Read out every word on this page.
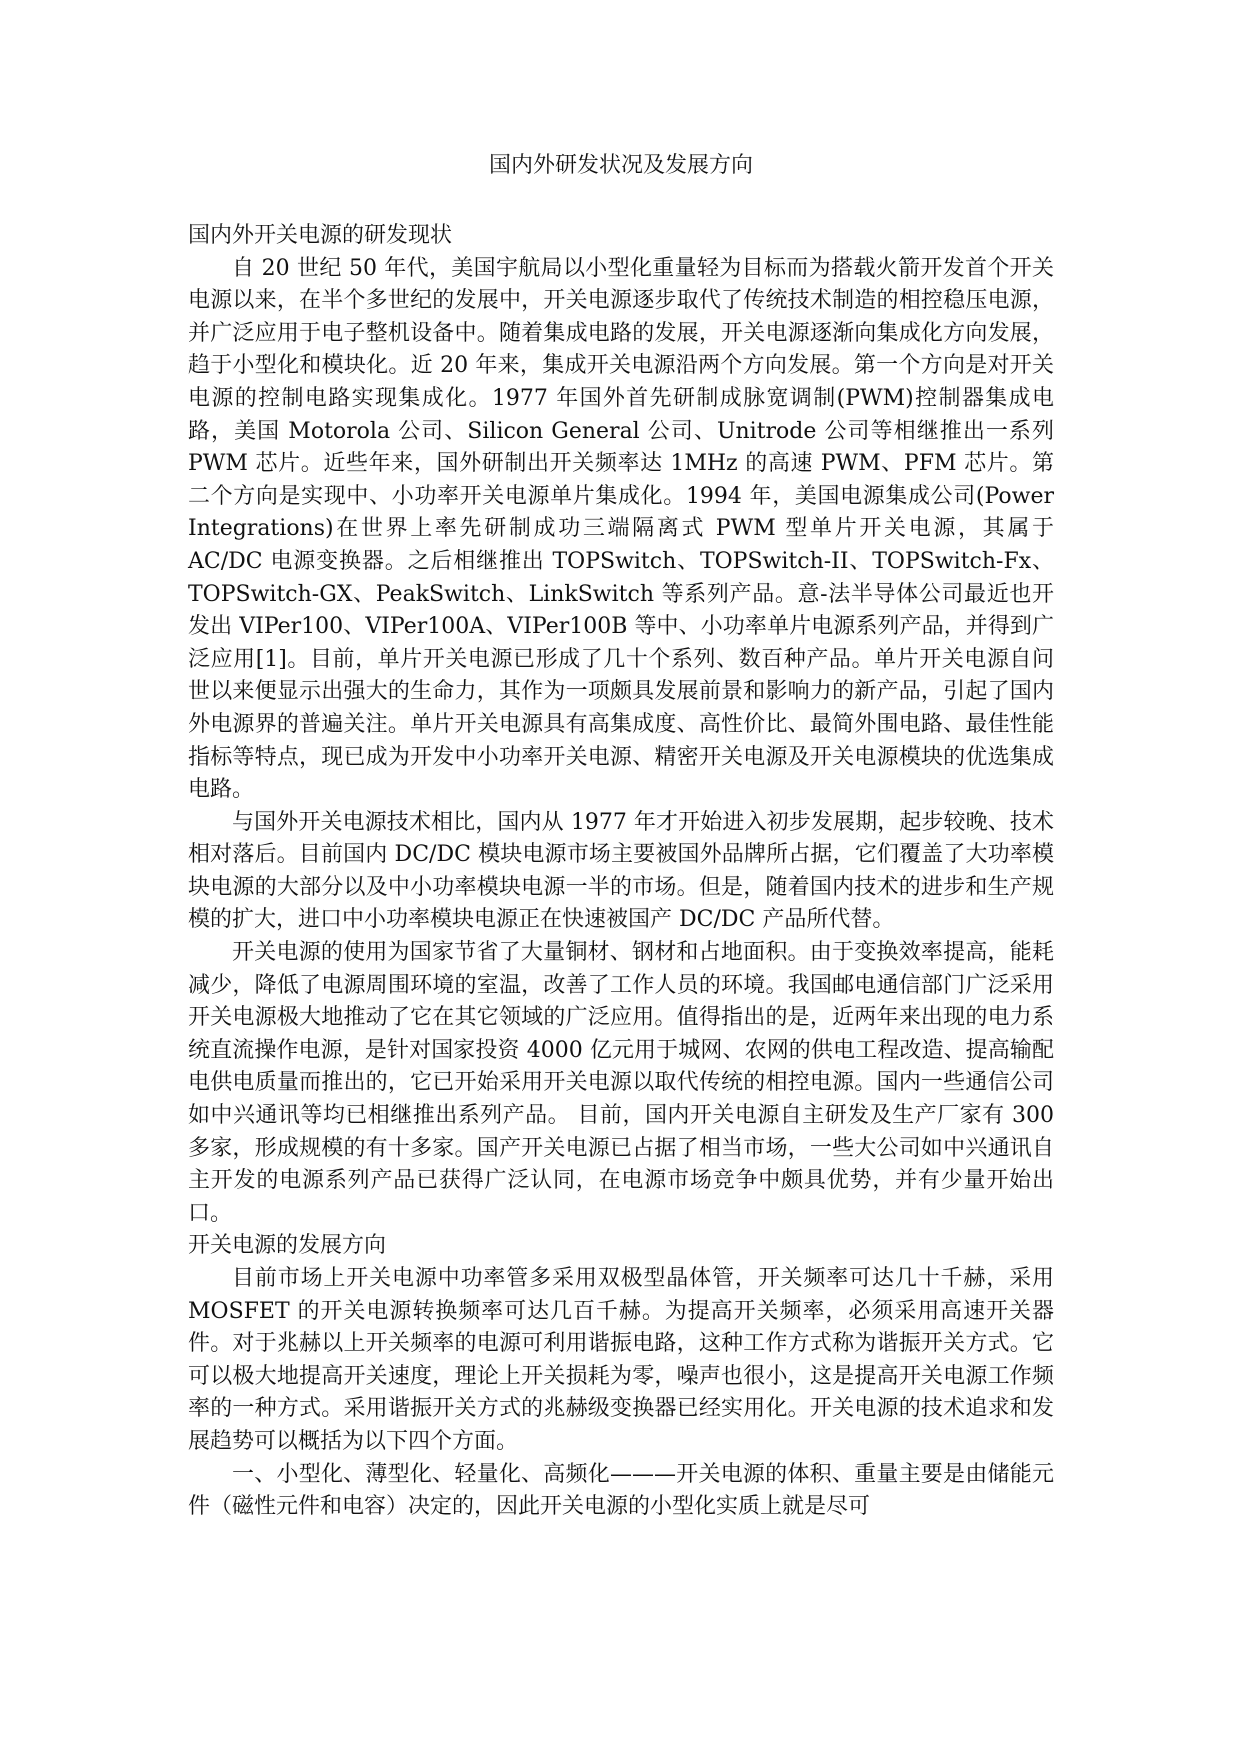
国内外研发状况及发展方向
国内外开关电源的研发现状

自 20 世纪 50 年代，美国宇航局以小型化重量轻为目标而为搭载火箭开发首个开关电源以来，在半个多世纪的发展中，开关电源逐步取代了传统技术制造的相控稳压电源，并广泛应用于电子整机设备中。随着集成电路的发展，开关电源逐渐向集成化方向发展，趋于小型化和模块化。近 20 年来，集成开关电源沿两个方向发展。第一个方向是对开关电源的控制电路实现集成化。1977 年国外首先研制成脉宽调制(PWM)控制器集成电路，美国 Motorola 公司、Silicon General 公司、Unitrode 公司等相继推出一系列 PWM 芯片。近些年来，国外研制出开关频率达 1MHz 的高速 PWM、PFM 芯片。第二个方向是实现中、小功率开关电源单片集成化。1994 年，美国电源集成公司(Power Integrations)在世界上率先研制成功三端隔离式 PWM 型单片开关电源，其属于 AC/DC 电源变换器。之后相继推出 TOPSwitch、TOPSwitch-II、TOPSwitch-Fx、TOPSwitch-GX、PeakSwitch、LinkSwitch 等系列产品。意-法半导体公司最近也开发出 VIPer100、VIPer100A、VIPer100B 等中、小功率单片电源系列产品，并得到广泛应用[1]。目前，单片开关电源已形成了几十个系列、数百种产品。单片开关电源自问世以来便显示出强大的生命力，其作为一项颇具发展前景和影响力的新产品，引起了国内外电源界的普遍关注。单片开关电源具有高集成度、高性价比、最简外围电路、最佳性能指标等特点，现已成为开发中小功率开关电源、精密开关电源及开关电源模块的优选集成电路。

与国外开关电源技术相比，国内从 1977 年才开始进入初步发展期，起步较晚、技术相对落后。目前国内 DC/DC 模块电源市场主要被国外品牌所占据，它们覆盖了大功率模块电源的大部分以及中小功率模块电源一半的市场。但是，随着国内技术的进步和生产规模的扩大，进口中小功率模块电源正在快速被国产 DC/DC 产品所代替。

开关电源的使用为国家节省了大量铜材、钢材和占地面积。由于变换效率提高，能耗减少，降低了电源周围环境的室温，改善了工作人员的环境。我国邮电通信部门广泛采用开关电源极大地推动了它在其它领域的广泛应用。值得指出的是，近两年来出现的电力系统直流操作电源，是针对国家投资 4000 亿元用于城网、农网的供电工程改造、提高输配电供电质量而推出的，它已开始采用开关电源以取代传统的相控电源。国内一些通信公司如中兴通讯等均已相继推出系列产品。 目前，国内开关电源自主研发及生产厂家有 300 多家，形成规模的有十多家。国产开关电源已占据了相当市场，一些大公司如中兴通讯自主开发的电源系列产品已获得广泛认同，在电源市场竞争中颇具优势，并有少量开始出口。

开关电源的发展方向

目前市场上开关电源中功率管多采用双极型晶体管，开关频率可达几十千赫，采用 MOSFET 的开关电源转换频率可达几百千赫。为提高开关频率，必须采用高速开关器件。对于兆赫以上开关频率的电源可利用谐振电路，这种工作方式称为谐振开关方式。它可以极大地提高开关速度，理论上开关损耗为零，噪声也很小，这是提高开关电源工作频率的一种方式。采用谐振开关方式的兆赫级变换器已经实用化。开关电源的技术追求和发展趋势可以概括为以下四个方面。

一、小型化、薄型化、轻量化、高频化———开关电源的体积、重量主要是由储能元件（磁性元件和电容）决定的，因此开关电源的小型化实质上就是尽可
